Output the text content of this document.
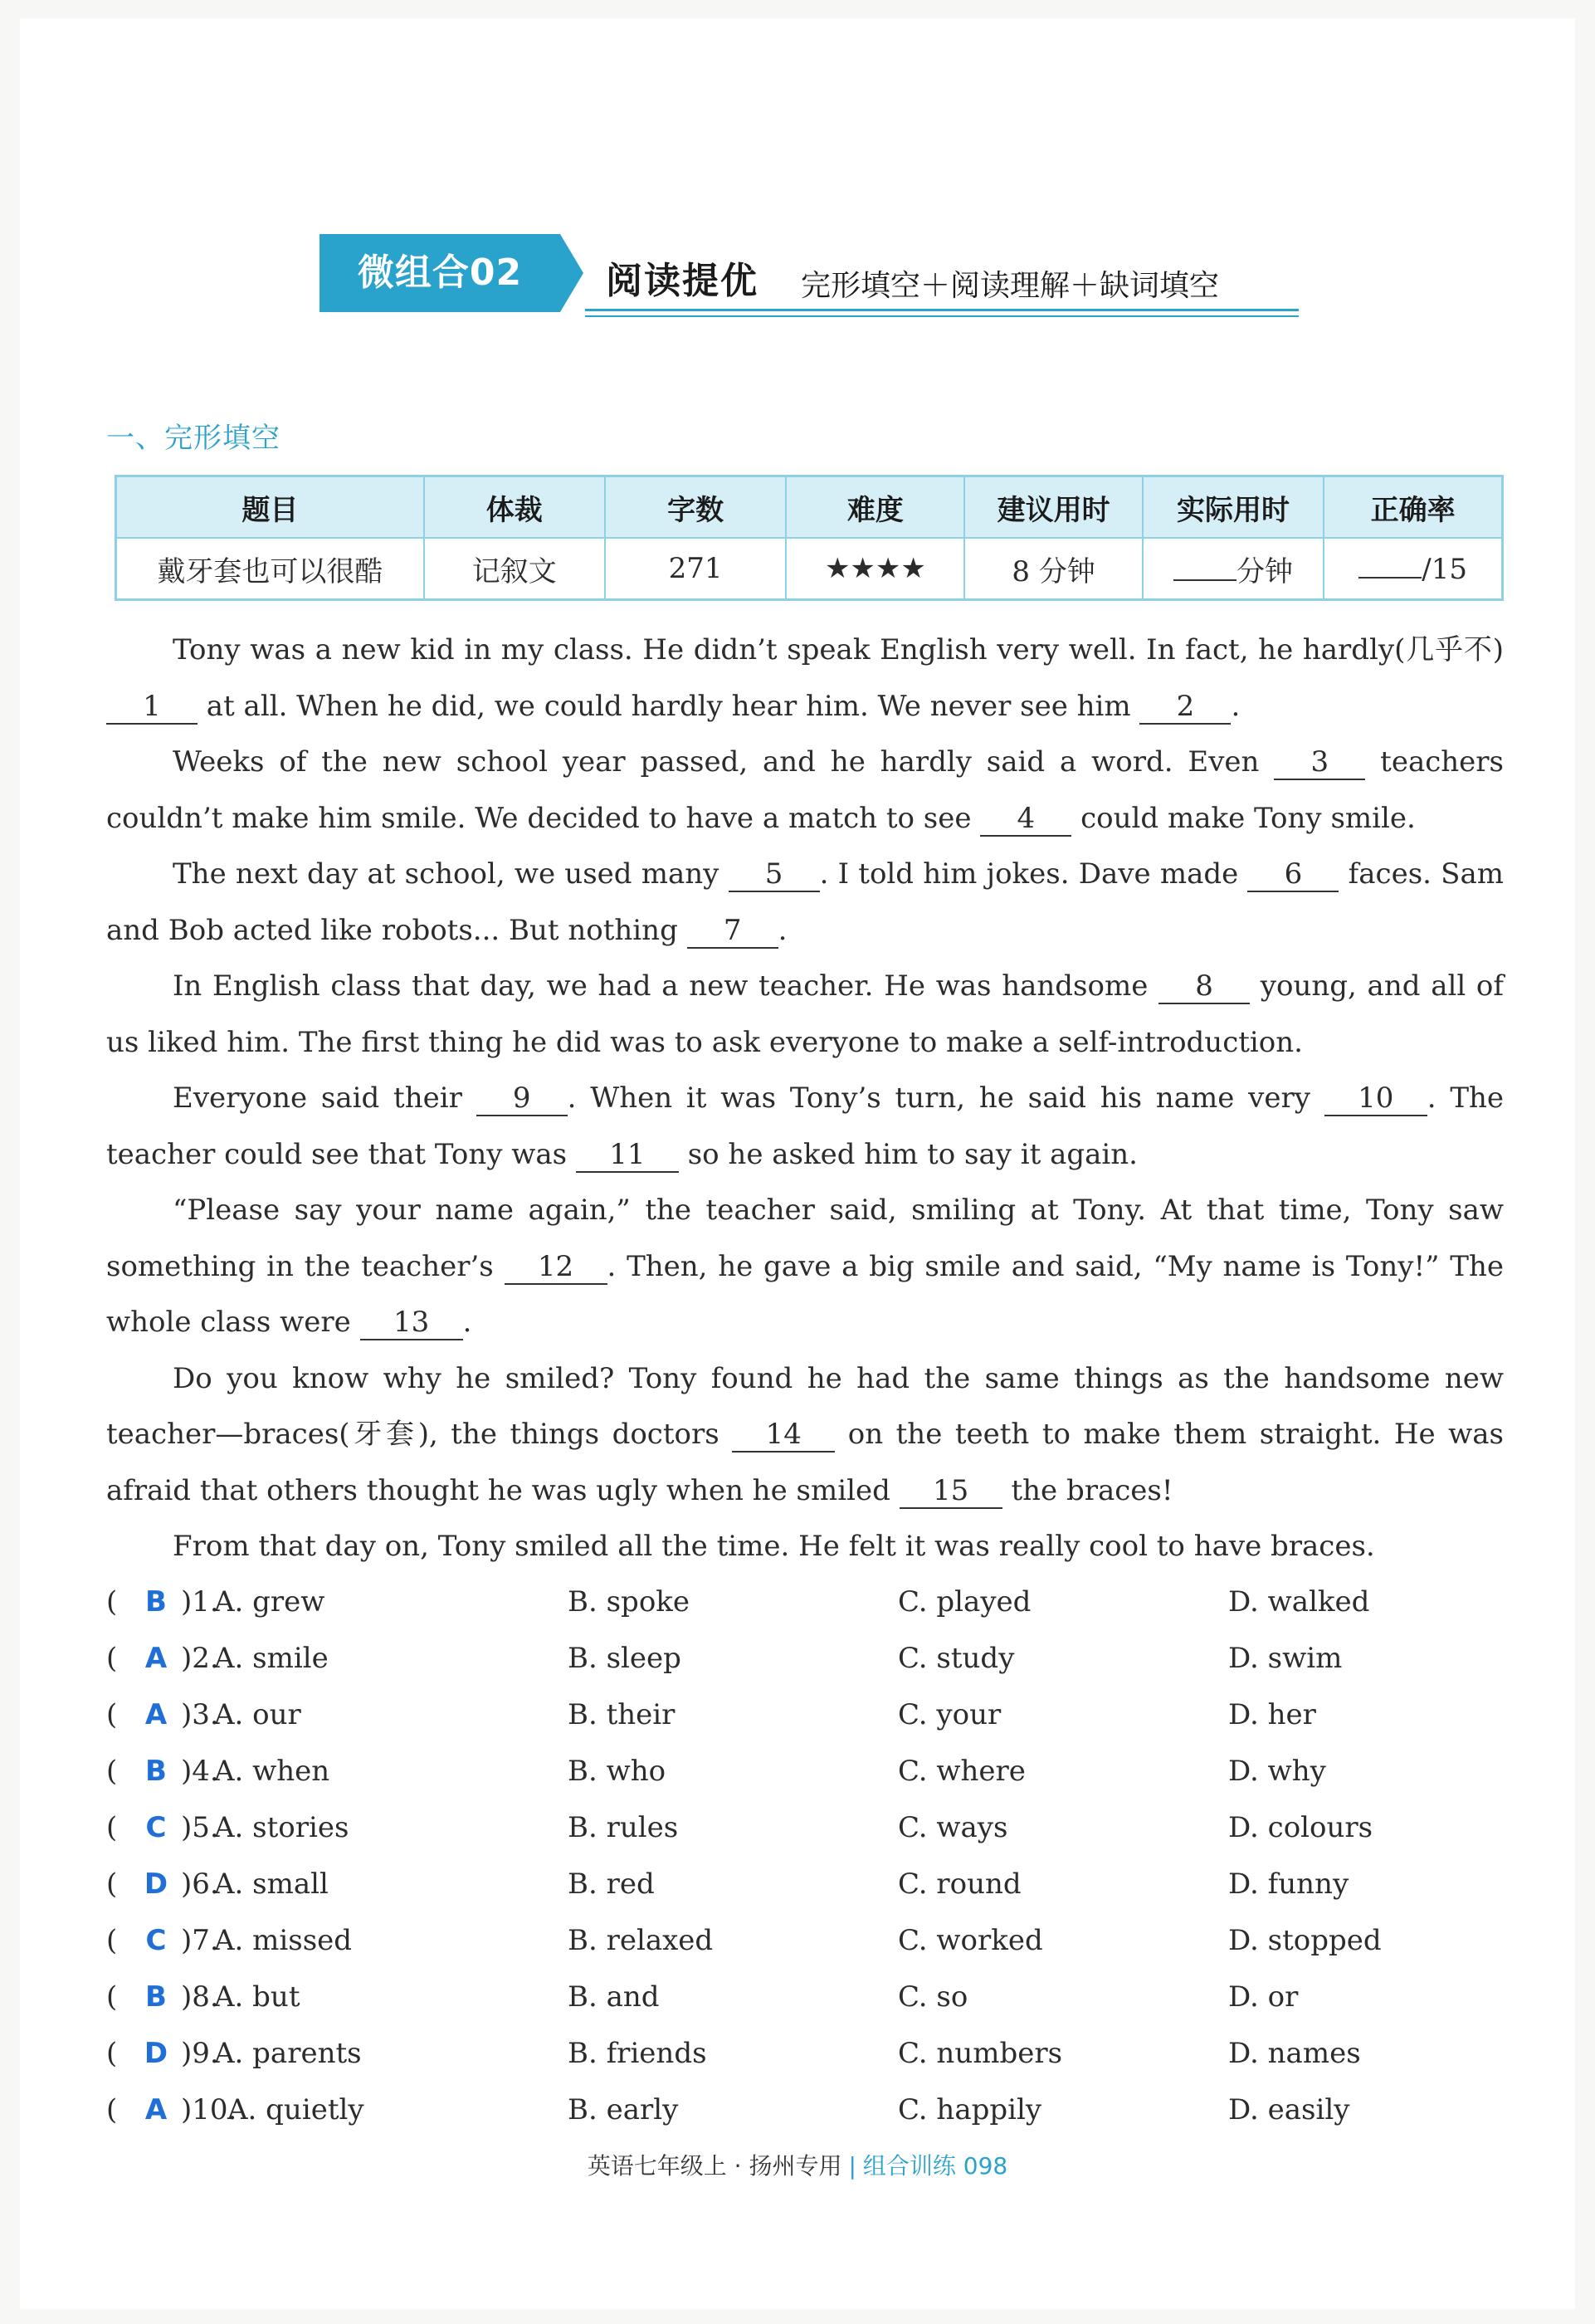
微组合02	阅读提优 完形填空＋阅读理解＋缺词填空
一、完形填空
题目	体裁	字数	难度	建议用时	实际用时	正确率
戴牙套也可以很酷	记叙文	271	★★★★	8 分钟	分钟	/15

Tony was a new kid in my class. He didn’t speak English very well. In fact, he hardly(几乎不) 1 at all. When he did, we could hardly hear him. We never see him 2 .

Weeks of the new school year passed, and he hardly said a word. Even 3 teachers couldn’t make him smile. We decided to have a match to see 4 could make Tony smile.

The next day at school, we used many 5 . I told him jokes. Dave made 6 faces. Sam and Bob acted like robots... But nothing 7 .

In English class that day, we had a new teacher. He was handsome 8 young, and all of us liked him. The first thing he did was to ask everyone to make a self-introduction.

Everyone said their 9 . When it was Tony’s turn, he said his name very 10 . The teacher could see that Tony was 11 so he asked him to say it again.

“Please say your name again,” the teacher said, smiling at Tony. At that time, Tony saw something in the teacher’s 12 . Then, he gave a big smile and said, “My name is Tony!” The whole class were 13 .

Do you know why he smiled? Tony found he had the same things as the handsome new teacher—braces(牙套), the things doctors 14 on the teeth to make them straight. He was afraid that others thought he was ugly when he smiled 15 the braces!

From that day on, Tony smiled all the time. He felt it was really cool to have braces.

( B )1.
A. grew	B. spoke	C. played	D. walked
( A )2.
A. smile	B. sleep	C. study	D. swim
( A )3.
A. our	B. their	C. your	D. her
( B )4.
A. when	B. who	C. where	D. why
( C )5.
A. stories	B. rules	C. ways	D. colours
( D )6.
A. small	B. red	C. round	D. funny
( C )7.
A. missed	B. relaxed	C. worked	D. stopped
( B )8.
A. but	B. and	C. so	D. or
( D )9.
A. parents	B. friends	C. numbers	D. names
( A )10.
A. quietly	B. early	C. happily	D. easily
英语七年级上 · 扬州专用 | 组合训练 098
